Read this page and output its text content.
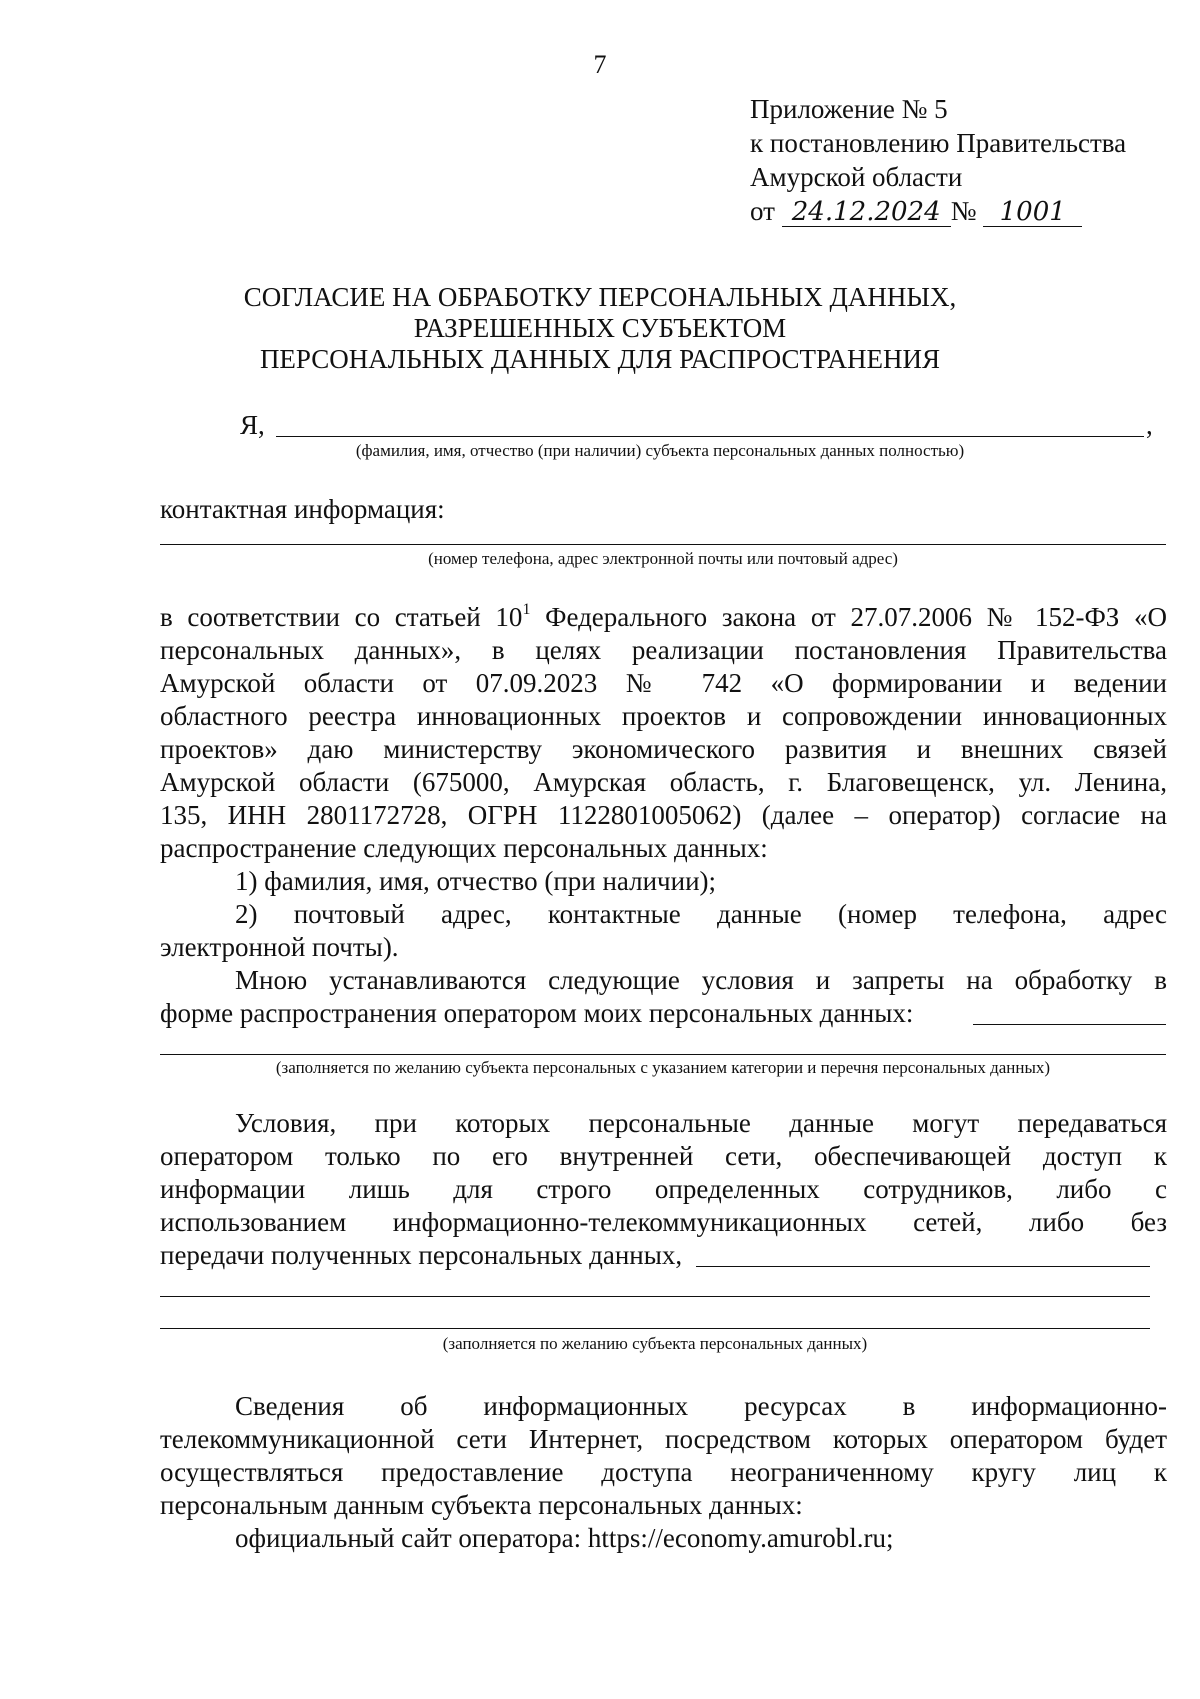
7
Приложение № 5
к постановлению Правительства
Амурской области
от 24.12.2024 № 1001
СОГЛАСИЕ НА ОБРАБОТКУ ПЕРСОНАЛЬНЫХ ДАННЫХ,
РАЗРЕШЕННЫХ СУБЪЕКТОМ
ПЕРСОНАЛЬНЫХ ДАННЫХ ДЛЯ РАСПРОСТРАНЕНИЯ
Я,	,
(фамилия, имя, отчество (при наличии) субъекта персональных данных полностью)
контактная информация:
(номер телефона, адрес электронной почты или почтовый адрес)
в соответствии со статьей $10^1$ Федерального закона от 27.07.2006 № 152-ФЗ «О
персональных данных», в целях реализации постановления Правительства
Амурской области от 07.09.2023 № 742 «О формировании и ведении
областного реестра инновационных проектов и сопровождении инновационных
проектов» даю министерству экономического развития и внешних связей
Амурской области (675000, Амурская область, г. Благовещенск, ул. Ленина,
135, ИНН 2801172728, ОГРН 1122801005062) (далее – оператор) согласие на
распространение следующих персональных данных:
1) фамилия, имя, отчество (при наличии);
2) почтовый адрес, контактные данные (номер телефона, адрес
электронной почты).
Мною устанавливаются следующие условия и запреты на обработку в
форме распространения оператором моих персональных данных:
(заполняется по желанию субъекта персональных с указанием категории и перечня персональных данных)
Условия, при которых персональные данные могут передаваться
оператором только по его внутренней сети, обеспечивающей доступ к
информации лишь для строго определенных сотрудников, либо с
использованием информационно-телекоммуникационных сетей, либо без
передачи полученных персональных данных,
(заполняется по желанию субъекта персональных данных)
Сведения об информационных ресурсах в информационно-
телекоммуникационной сети Интернет, посредством которых оператором будет
осуществляться предоставление доступа неограниченному кругу лиц к
персональным данным субъекта персональных данных:
официальный сайт оператора: https://economy.amurobl.ru;
